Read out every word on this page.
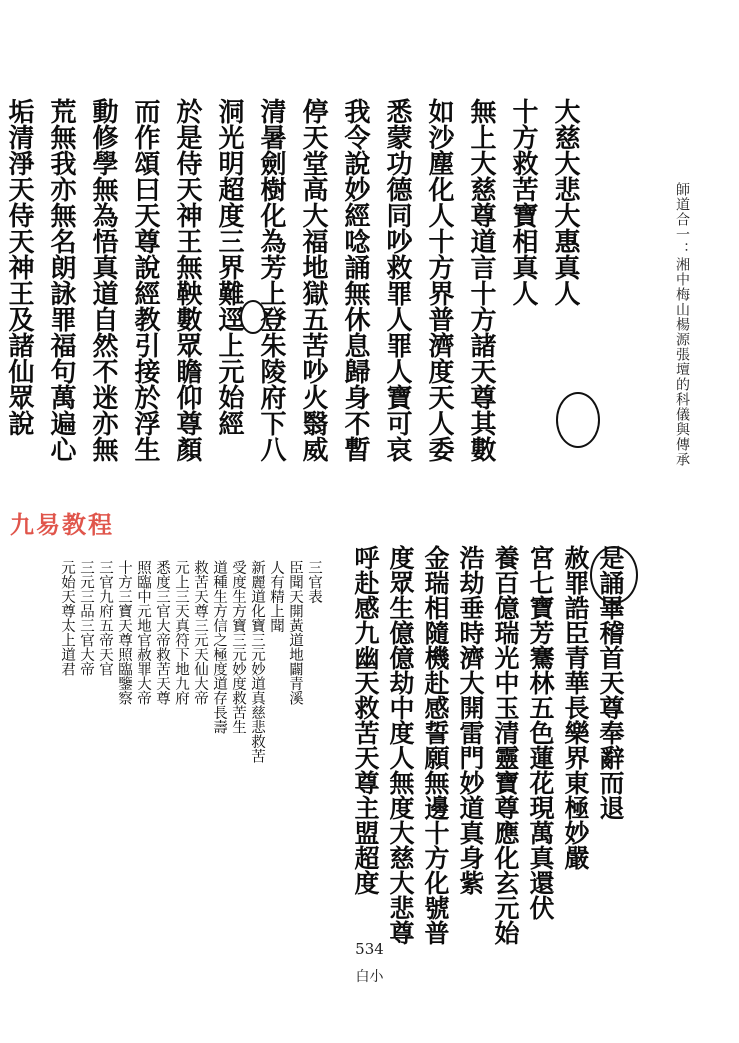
師道合一：湘中梅山楊源張壇的科儀與傳承
大慈大悲大惠真人
十方救苦寶相真人
無上大慈尊道言十方諸天尊其數
如沙塵化人十方界普濟度天人委
悉蒙功德同吵救罪人罪人寶可哀
我令說妙經唸誦無休息歸身不暫
停天堂高大福地獄五苦吵火翳威
清暑劍樹化為芳上登朱陵府下八
洞光明超度三界難逕上元始經
於是侍天神王無鞅數眾瞻仰尊顏
而作頌曰天尊說經教引接於浮生
動修學無為悟真道自然不迷亦無
荒無我亦無名朗詠罪福句萬遍心
垢清淨天侍天神王及諸仙眾說
九易教程
是誦畢稽首天尊奉辭而退
赦罪誥臣青華長樂界東極妙嚴
宮七寶芳騫林五色蓮花現萬真還伏
養百億瑞光中玉清靈寶尊應化玄元始
浩劫垂時濟大開雷門妙道真身紫
金瑞相隨機赴感誓願無邊十方化號普
度眾生億億劫中度人無度大慈大悲尊
呼赴感九幽天救苦天尊主盟超度
三官表
臣聞天開黃道地闢青溪
人有精上聞
新麗道化寶三元妙道真慈悲救苦
受度生方寶三元妙度救苦生
道種生方信之極度道存長壽
救苦天尊三元天仙大帝
元上三天真符下地九府
悉度三官大帝救苦天尊
照臨中元地官赦罪大帝
十方三寶天尊照臨鑒察
三官九府五帝天官
三元三品三官大帝
元始天尊太上道君
534
白小
